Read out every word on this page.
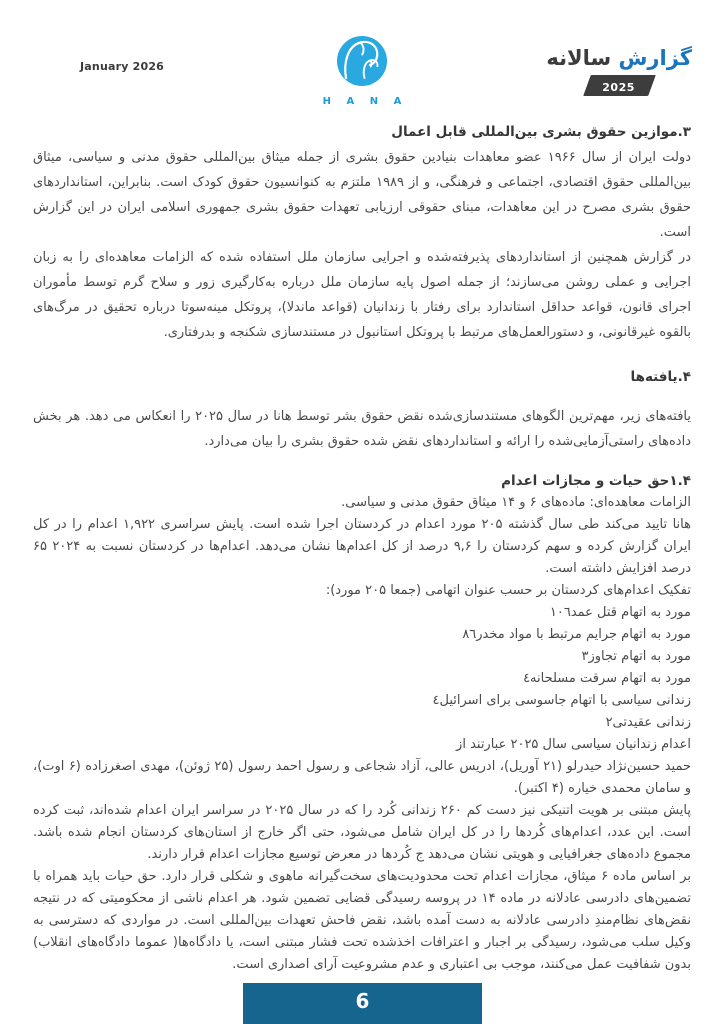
January 2026
H A N A
گزارش سالانه
2025
۳.موازین حقوق بشری بین‌المللی قابل اعمال

دولت ایران از سال ۱۹۶۶ عضو معاهدات بنیادین حقوق بشری از جمله میثاق بین‌المللی حقوق مدنی و سیاسی، میثاق بین‌المللی حقوق اقتصادی، اجتماعی و فرهنگی، و از ۱۹۸۹ ملتزم به کنوانسیون حقوق کودک است. بنابراین، استانداردهای حقوق بشری مصرح در این معاهدات، مبنای حقوقی ارزیابی تعهدات حقوق بشری جمهوری اسلامی ایران در این گزارش است.

در گزارش همچنین از استانداردهای پذیرفته‌شده و اجرایی سازمان ملل استفاده شده که الزامات معاهده‌ای را به زبان اجرایی و عملی روشن می‌سازند؛ از جمله اصول پایه سازمان ملل درباره به‌کارگیری زور و سلاح گرم توسط مأموران اجرای قانون، قواعد حداقل استاندارد برای رفتار با زندانیان (قواعد ماندلا)، پروتکل مینه‌سوتا درباره تحقیق در مرگ‌های بالقوه غیرقانونی، و دستورالعمل‌های مرتبط با پروتکل استانبول در مستندسازی شکنجه و بدرفتاری.

۴.یافته‌ها

یافته‌های زیر، مهم‌ترین الگوهای مستندسازی‌شده نقض حقوق بشر توسط هانا در سال ۲۰۲۵ را انعکاس می دهد. هر بخش داده‌های راستی‌آزمایی‌شده را ارائه و استانداردهای نقض شده حقوق بشری را بیان می‌دارد.

۱.۴حق حیات و مجازات اعدام
الزامات معاهده‌ای: ماده‌های ۶ و ۱۴ میثاق حقوق مدنی و سیاسی.

هانا تایید می‌کند طی سال گذشته ۲۰۵ مورد اعدام در کردستان اجرا شده است. پایش سراسری ۱,۹۲۲ اعدام را در کل ایران گزارش کرده و سهم کردستان را ۹,۶ درصد از کل اعدام‌ها نشان می‌دهد. اعدام‌ها در کردستان نسبت به ۲۰۲۴ ۶۵ درصد افزایش داشته است.

تفکیک اعدام‌های کردستان بر حسب عنوان اتهامی (جمعا ۲۰۵ مورد):
مورد به اتهام قتل عمد١٠٦
مورد به اتهام جرایم مرتبط با مواد مخدر٨٦
مورد به اتهام تجاوز٣
مورد به اتهام سرقت مسلحانه٤
زندانی سیاسی با اتهام جاسوسی برای اسرائیل٤
زندانی عقیدتی٢
اعدام زندانیان سیاسی سال ۲۰۲۵ عبارتند از

حمید حسین‌نژاد حیدرلو (۲۱ آوریل)، ادریس عالی، آزاد شجاعی و رسول احمد رسول (۲۵ ژوئن)، مهدی اصغرزاده (۶ اوت)، و سامان محمدی خیاره (۴ اکتبر).

پایش مبتنی بر هویت اتنیکی نیز دست کم ۲۶۰ زندانی کُرد را که در سال ۲۰۲۵ در سراسر ایران اعدام شده‌اند، ثبت کرده است. این عدد، اعدام‌های کُردها را در کل ایران شامل می‌شود، حتی اگر خارج از استان‌های کردستان انجام شده باشد. مجموع داده‌های جغرافیایی و هویتی نشان می‌دهد ج کُردها در معرض توسیع مجازات اعدام قرار دارند.

بر اساس ماده ۶ میثاق، مجازات اعدام تحت محدودیت‌های سخت‌گیرانه ماهوی و شکلی قرار دارد. حق حیات باید همراه با تضمین‌های دادرسی عادلانه در ماده ۱۴ در پروسه رسیدگی قضایی تضمین شود. هر اعدام ناشی از محکومیتی که در نتیجه نقض‌های نظام‌مندِ دادرسی عادلانه به دست آمده باشد، نقض فاحش تعهدات بین‌المللی است. در مواردی که دسترسی به وکیل سلب می‌شود، رسیدگی بر اجبار و اعترافات اخذشده تحت فشار مبتنی است، یا دادگاه‌ها( عموما دادگاه‌های انقلاب) بدون شفافیت عمل می‌کنند، موجب بی اعتباری و عدم مشروعیت آرای اصداری است.

6
